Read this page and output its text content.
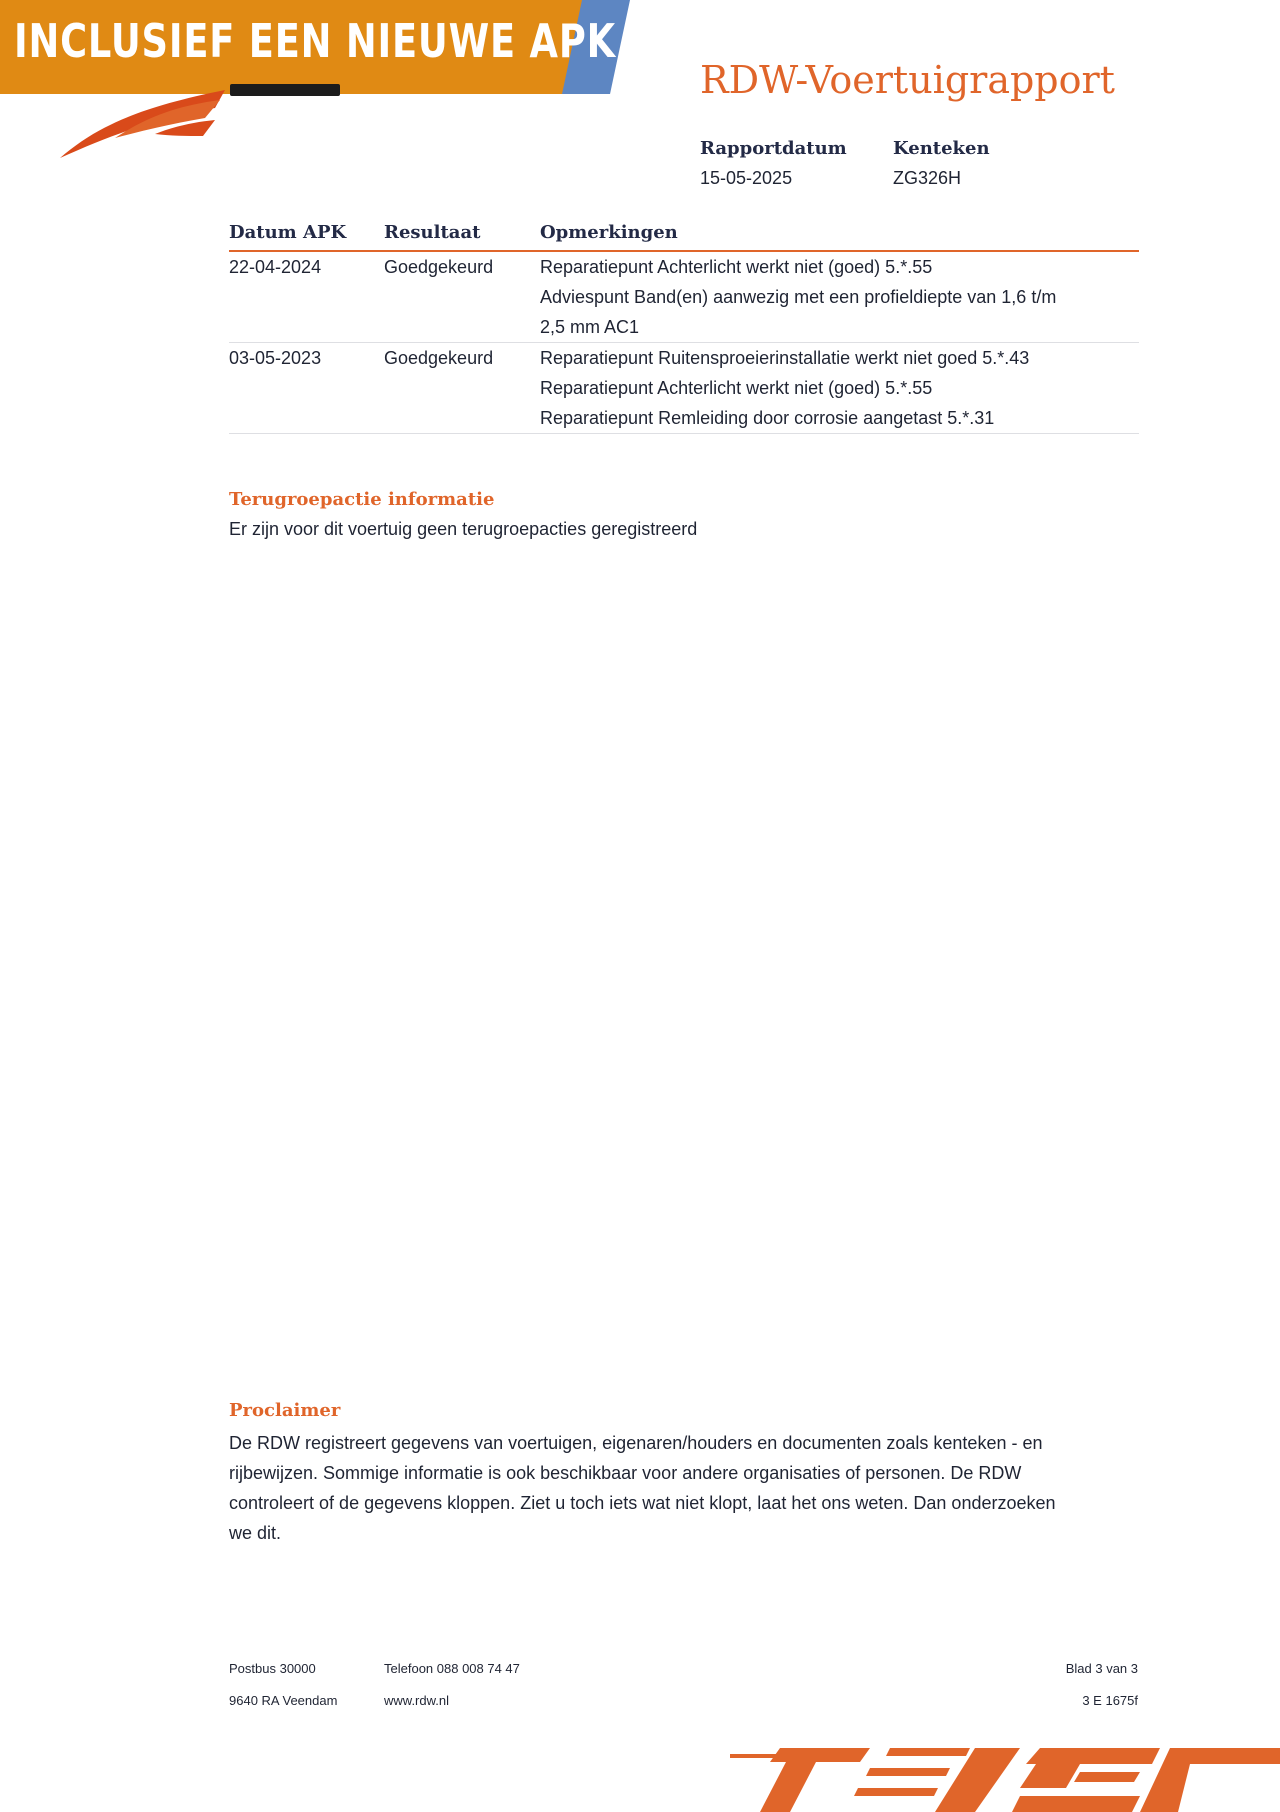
INCLUSIEF EEN NIEUWE APK
RDW-Voertuigrapport
Rapportdatum
15-05-2025
Kenteken
ZG326H
Datum APK Resultaat	Opmerkingen
22-04-2024	Goedgekeurd	Reparatiepunt Achterlicht werkt niet (goed) 5.*.55
Adviespunt Band(en) aanwezig met een profieldiepte van 1,6 t/m
2,5 mm AC1
03-05-2023	Goedgekeurd	Reparatiepunt Ruitensproeierinstallatie werkt niet goed 5.*.43
Reparatiepunt Achterlicht werkt niet (goed) 5.*.55
Reparatiepunt Remleiding door corrosie aangetast 5.*.31
Terugroepactie informatie
Er zijn voor dit voertuig geen terugroepacties geregistreerd
Proclaimer
De RDW registreert gegevens van voertuigen, eigenaren/houders en documenten zoals kenteken - en
rijbewijzen. Sommige informatie is ook beschikbaar voor andere organisaties of personen. De RDW
controleert of de gegevens kloppen. Ziet u toch iets wat niet klopt, laat het ons weten. Dan onderzoeken
we dit.
Postbus 30000
9640 RA Veendam
Telefoon 088 008 74 47
www.rdw.nl
Blad 3 van 3
3 E 1675f
